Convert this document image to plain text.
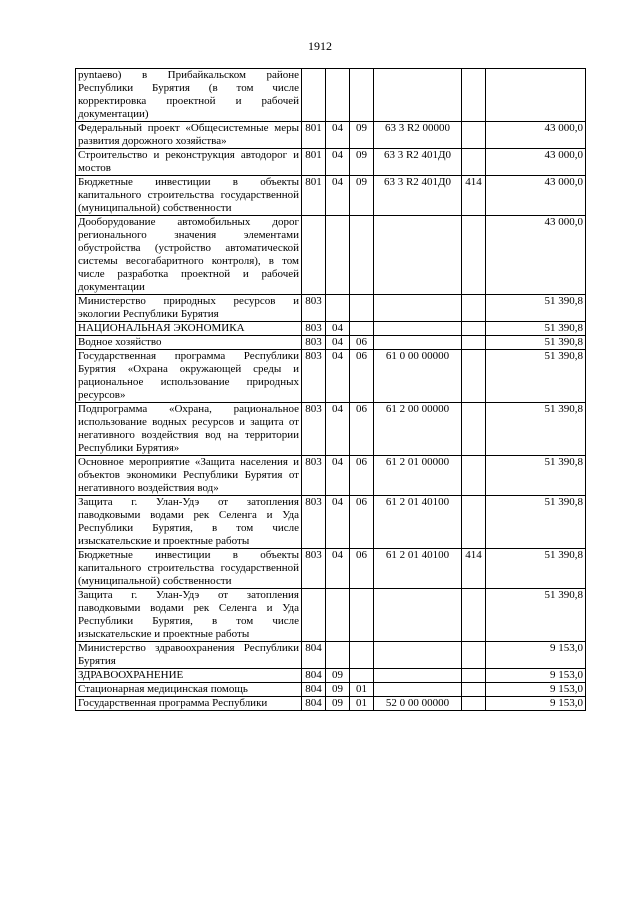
1912
руntaeво) в Прибайкальском районе Республики Бурятия (в том числе корректировка проектной и рабочей документации)						
Федеральный проект «Общесистемные меры развития дорожного хозяйства»	801	04	09	63 3 R2 00000		43 000,0
Строительство и реконструкция автодорог и мостов	801	04	09	63 3 R2 401Д0		43 000,0
Бюджетные инвестиции в объекты капитального строительства государственной (муниципальной) собственности	801	04	09	63 3 R2 401Д0	414	43 000,0
Дооборудование автомобильных дорог регионального значения элементами обустройства (устройство автоматической системы весогабаритного контроля), в том числе разработка проектной и рабочей документации						43 000,0
Министерство природных ресурсов и экологии Республики Бурятия	803					51 390,8
НАЦИОНАЛЬНАЯ ЭКОНОМИКА	803	04				51 390,8
Водное хозяйство	803	04	06			51 390,8
Государственная программа Республики Бурятия «Охрана окружающей среды и рациональное использование природных ресурсов»	803	04	06	61 0 00 00000		51 390,8
Подпрограмма «Охрана, рациональное использование водных ресурсов и защита от негативного воздействия вод на территории Республики Бурятия»	803	04	06	61 2 00 00000		51 390,8
Основное мероприятие «Защита населения и объектов экономики Республики Бурятия от негативного воздействия вод»	803	04	06	61 2 01 00000		51 390,8
Защита г. Улан-Удэ от затопления паводковыми водами рек Селенга и Уда Республики Бурятия, в том числе изыскательские и проектные работы	803	04	06	61 2 01 40100		51 390,8
Бюджетные инвестиции в объекты капитального строительства государственной (муниципальной) собственности	803	04	06	61 2 01 40100	414	51 390,8
Защита г. Улан-Удэ от затопления паводковыми водами рек Селенга и Уда Республики Бурятия, в том числе изыскательские и проектные работы						51 390,8
Министерство здравоохранения Республики Бурятия	804					9 153,0
ЗДРАВООХРАНЕНИЕ	804	09				9 153,0
Стационарная медицинская помощь	804	09	01			9 153,0
Государственная программа Республики	804	09	01	52 0 00 00000		9 153,0
